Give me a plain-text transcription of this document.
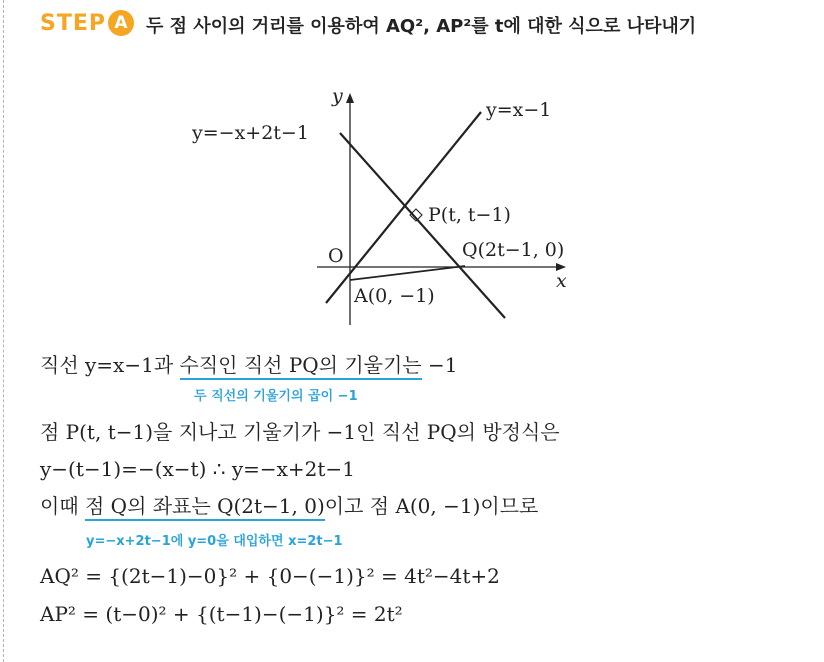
STEP A	두 점 사이의 거리를 이용하여 AQ², AP²를 t에 대한 식으로 나타내기
y
x
O
y=x−1
y=−x+2t−1
P(t, t−1)
Q(2t−1, 0)
A(0, −1)
직선 y=x−1과 수직인 직선 PQ의 기울기는 −1
두 직선의 기울기의 곱이 −1
점 P(t, t−1)을 지나고 기울기가 −1인 직선 PQ의 방정식은
y−(t−1)=−(x−t) ∴ y=−x+2t−1
이때 점 Q의 좌표는 Q(2t−1, 0)이고 점 A(0, −1)이므로
y=−x+2t−1에 y=0을 대입하면 x=2t−1
AQ² = {(2t−1)−0}² + {0−(−1)}² = 4t²−4t+2
AP² = (t−0)² + {(t−1)−(−1)}² = 2t²
